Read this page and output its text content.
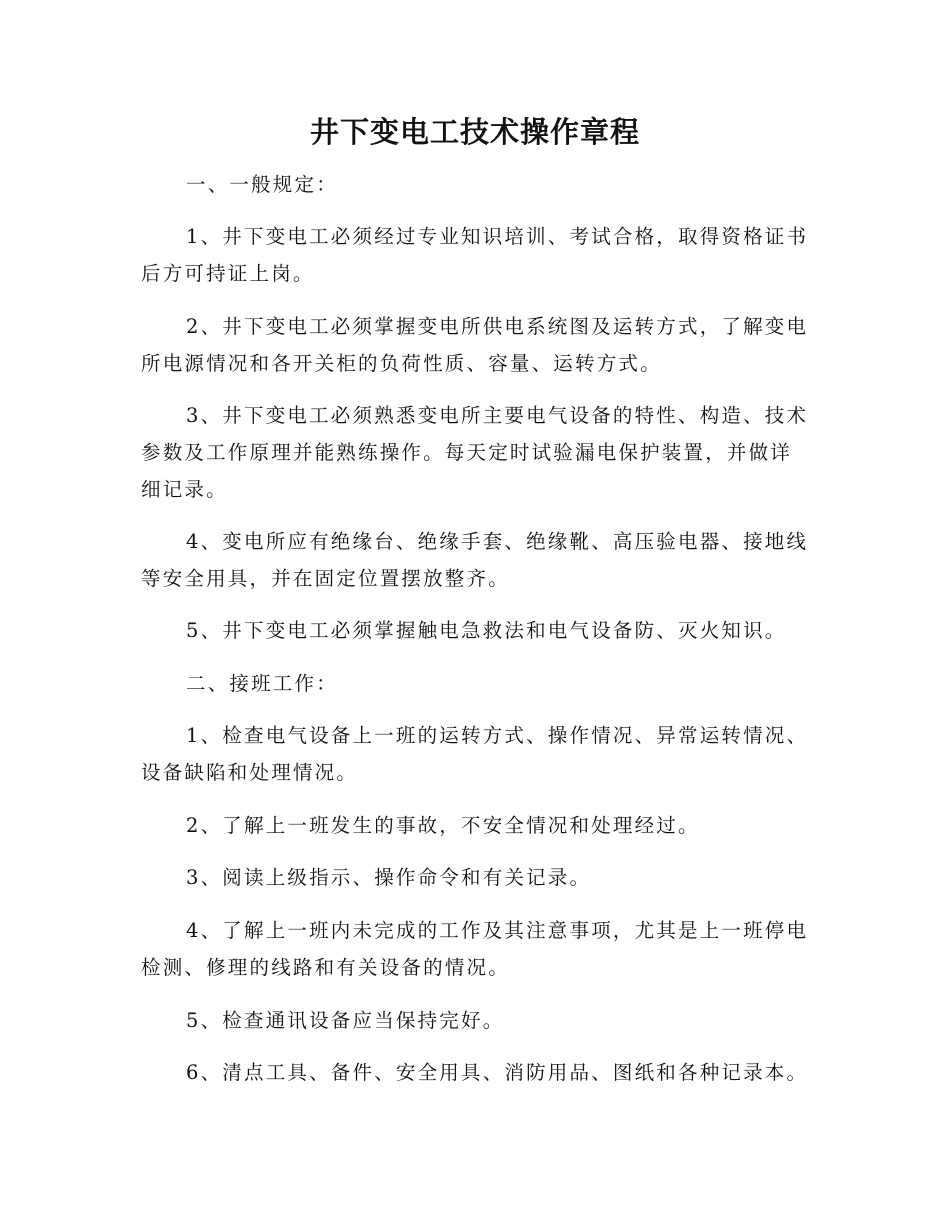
井下变电工技术操作章程

一、一般规定：

1、井下变电工必须经过专业知识培训、考试合格，取得资格证书后方可持证上岗。

2、井下变电工必须掌握变电所供电系统图及运转方式，了解变电所电源情况和各开关柜的负荷性质、容量、运转方式。

3、井下变电工必须熟悉变电所主要电气设备的特性、构造、技术参数及工作原理并能熟练操作。每天定时试验漏电保护装置，并做详细记录。

4、变电所应有绝缘台、绝缘手套、绝缘靴、高压验电器、接地线等安全用具，并在固定位置摆放整齐。

5、井下变电工必须掌握触电急救法和电气设备防、灭火知识。

二、接班工作：

1、检查电气设备上一班的运转方式、操作情况、异常运转情况、设备缺陷和处理情况。

2、了解上一班发生的事故，不安全情况和处理经过。

3、阅读上级指示、操作命令和有关记录。

4、了解上一班内未完成的工作及其注意事项，尤其是上一班停电检测、修理的线路和有关设备的情况。

5、检查通讯设备应当保持完好。

6、清点工具、备件、安全用具、消防用品、图纸和各种记录本。
